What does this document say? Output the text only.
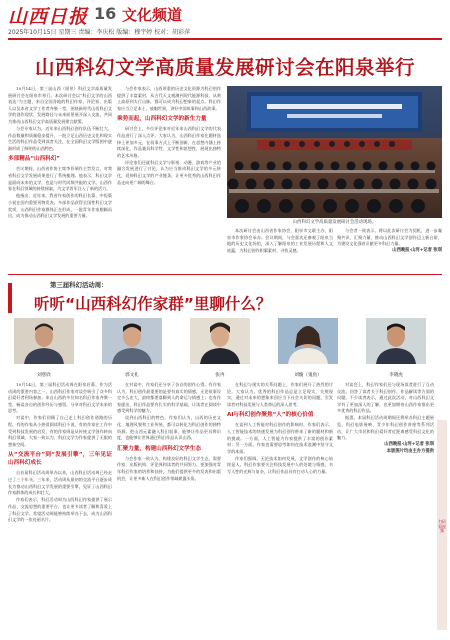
山西日报 16 文化频道
2025年10月15日 星期三 责编：李庆松 版编：穆宇婷 校对：胡彩萍
山西科幻文学高质量发展研讨会在阳泉举行

10月14日，第三届山西（阳泉）科幻文学高质量发展研讨会在阳泉市举行。本次研讨会以“科幻文学的山西表达”为主题，来自全国各地的科幻作家、评论家、出版人以及本省文学工作者齐聚一堂，围绕新时代山西科幻文学的创作现状、发展路径与未来前景展开深入交流，共同为推动山西科幻文学高质量发展建言献策。

与会专家认为，近年来山西科幻创作队伍不断壮大，作品数量和质量稳步提升，一批立足山西历史文化和现实生活的科幻作品受到读者关注，在全国科幻文学版图中逐渐形成了鲜明的山西特色。

多部精品“山西科幻”

会议期间，山西省作协主席李晋瑞作主旨发言，对我省科幻文学发展成果进行了系统梳理。他表示，科幻文学是面向未来的文学，也是与时代同频共振的文学。山西作家在科幻领域的持续探索，为文学晋军注入了新的活力。

他指出，近年来，我省作家创作的科幻长篇、中短篇小说在国内重要刊物发表，多部作品获得全国性科幻文学奖项，山西科幻作家群体正在形成，一批青年作家脱颖而出，成为推动山西科幻文学发展的重要力量。

与会作家表示，山西厚重的历史文化资源为科幻创作提供了丰富素材，从古代天文观测到现代能源科技，从黄土高原到太行山脉，都可以成为科幻想象的起点。科幻作家应当立足本土，放眼世界，讲好中国故事和山西故事。

乘势而起，山西科幻文学的新生力量

研讨会上，多位评论家对近年来山西科幻文学的代表作品进行了深入点评。大家认为，山西科幻作家在题材选择上更加多元，在叙事方式上不断创新，在思想内涵上持续深化，作品兼具科学性、文学性和思想性，展现出独特的艺术风格。

评论家们还就科幻文学与影视、动漫、游戏等产业的融合发展进行了讨论，认为应当推动科幻文学的多元转化，延伸科幻文学的产业链条，让更多优秀的山西科幻作品走向更广阔的舞台。

山西科幻文学高质量发展研讨会活动现场。

本次研讨会由山西省作家协会、阳泉市文联主办，阳泉市作家协会承办。会议期间，与会嘉宾还参观了阳泉当地的历史文化场馆，深入了解阳泉的工业发展历程和人文底蕴，为科幻创作积累素材、寻找灵感。

与会者一致表示，将以此次研讨会为契机，进一步凝聚共识、汇聚力量，推动山西科幻文学创作迈上新台阶，为建设文化强省贡献更多科幻力量。

山西晚报·山河+记者 张琪

第三届科幻活动周：
听听“山西科幻作家群”里聊什么？
刘慈欣	郭文礼	张冉	刘璇（鬼鱼）	李晓虎

10月14日，第三届科幻活动周在阳泉启幕。作为活动周的重要内容之一，山西科幻作家对谈会吸引了众多科幻爱好者到场参加。来自山西的多位知名科幻作家齐聚一堂，畅谈各自的创作经历与感悟，分享对科幻文学未来的思考。

对谈中，作家们回顾了自己走上科幻创作道路的历程。有的作家从小热爱阅读科幻小说，有的作家在工作中受到科技发展的启发，有的作家则是从传统文学创作转向科幻领域。大家一致认为，科幻文学为作家提供了无限的想象空间。

从“交流平台”到“发展引擎”，三年见证山西科幻成长

自首届科幻活动周举办以来，山西科幻活动周已经走过了三个年头。三年来，活动周从最初的交流平台逐步成长为推动山西科幻文学发展的重要引擎，见证了山西科幻作家群体的成长和壮大。

作家们表示，科幻活动周为山西科幻作家提供了展示作品、交流思想的重要平台，也让更多读者了解和喜爱上了科幻文学。希望活动周能够持续举办下去，成为山西科幻文学的一张亮丽名片。

在对谈中，作家们还分享了各自的创作心得。有作家认为，科幻创作最重要的是要有真实的情感，无论故事设定多么宏大，最终都要落脚到人的命运与情感上；也有作家提出，科幻作品要有扎实的科学基础，让读者在阅读中感受到科学的魅力。

谈到山西科幻的特色，作家们认为，山西的历史文化、地理风貌和工业传统，都可以转化为科幻创作的独特资源。把山西元素融入科幻叙事，能够让作品更具辨识度，也能够让世界通过科幻作品认识山西。

汇聚力量，构建山西科幻文学生态

与会作家一致认为，构建良好的科幻文学生态，需要作家、出版机构、评论界和读者的共同努力。要加强对青年科幻作家的培养和扶持，为他们提供更多的发表和出版机会，让更多新人在科幻创作领域崭露头角。

在科幻与现实的关系问题上，作家们展开了热烈的讨论。大家认为，优秀的科幻作品总是立足现实、关照现实，通过对未来的想象来回应当下社会关切的问题，引发读者对科技发展与人类命运的深入思考。

AI与科幻创作聚焦“人”的核心价值

在谈到人工智能对科幻创作的影响时，作家们表示，人工智能技术的快速发展为科幻创作带来了新的题材和新的挑战。一方面，人工智能为作家提供了丰富的创作素材；另一方面，作家也需要思考如何在技术浪潮中坚守文学的本质。

作家们强调，无论技术如何发展，文学创作的核心始终是人。科幻作家要关注科技发展中人的处境与情感，书写人性的光辉与复杂，让科幻作品具有打动人心的力量。

对谈会上，科幻作家们还与现场读者进行了互动交流，回答了读者关于科幻创作、作品解读等方面的问题。不少读者表示，通过此次活动，对山西科幻文学有了更加深入的了解，也更加期待山西作家推出更多优秀的科幻作品。

据悉，本届科幻活动周期间还将举办科幻主题展览、科幻电影展映、青少年科幻创作讲座等系列活动，让广大市民和科幻爱好者近距离感受科幻文化的魅力。

山西晚报·山河+记者 张琪

本版图片均由主办方提供

扫码看视频
